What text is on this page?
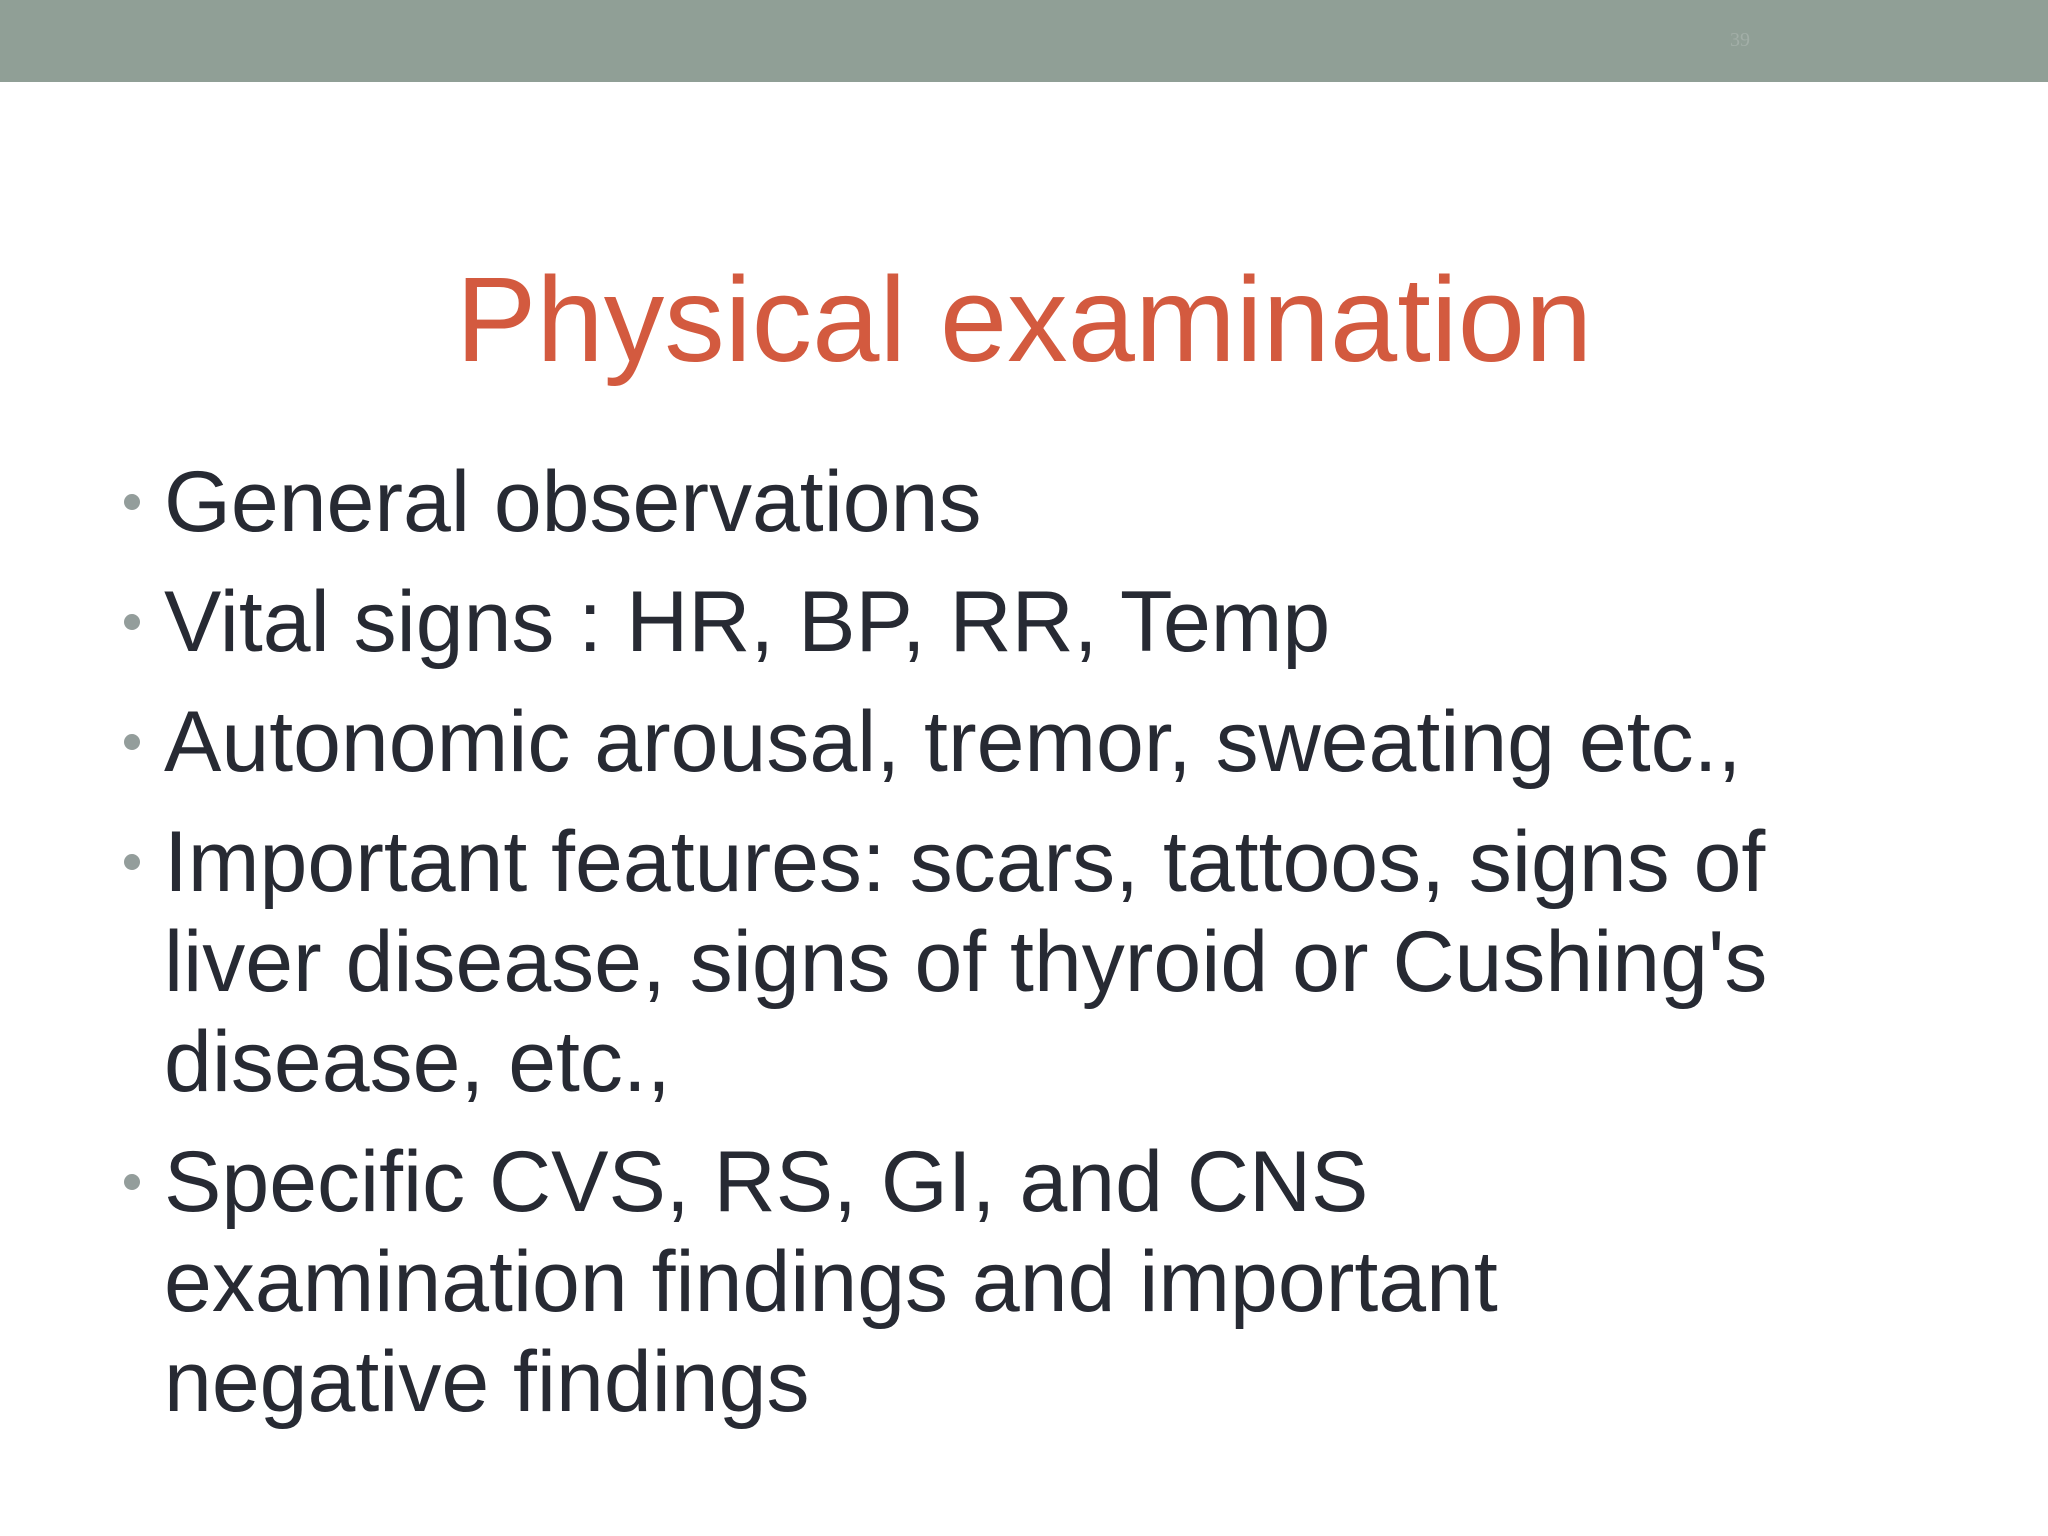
39
Physical examination
General observations
Vital signs : HR, BP, RR, Temp
Autonomic arousal, tremor, sweating etc.,
Important features: scars, tattoos, signs of
liver disease, signs of thyroid or Cushing's
disease, etc.,
Specific CVS, RS, GI, and CNS
examination findings and important
negative findings
